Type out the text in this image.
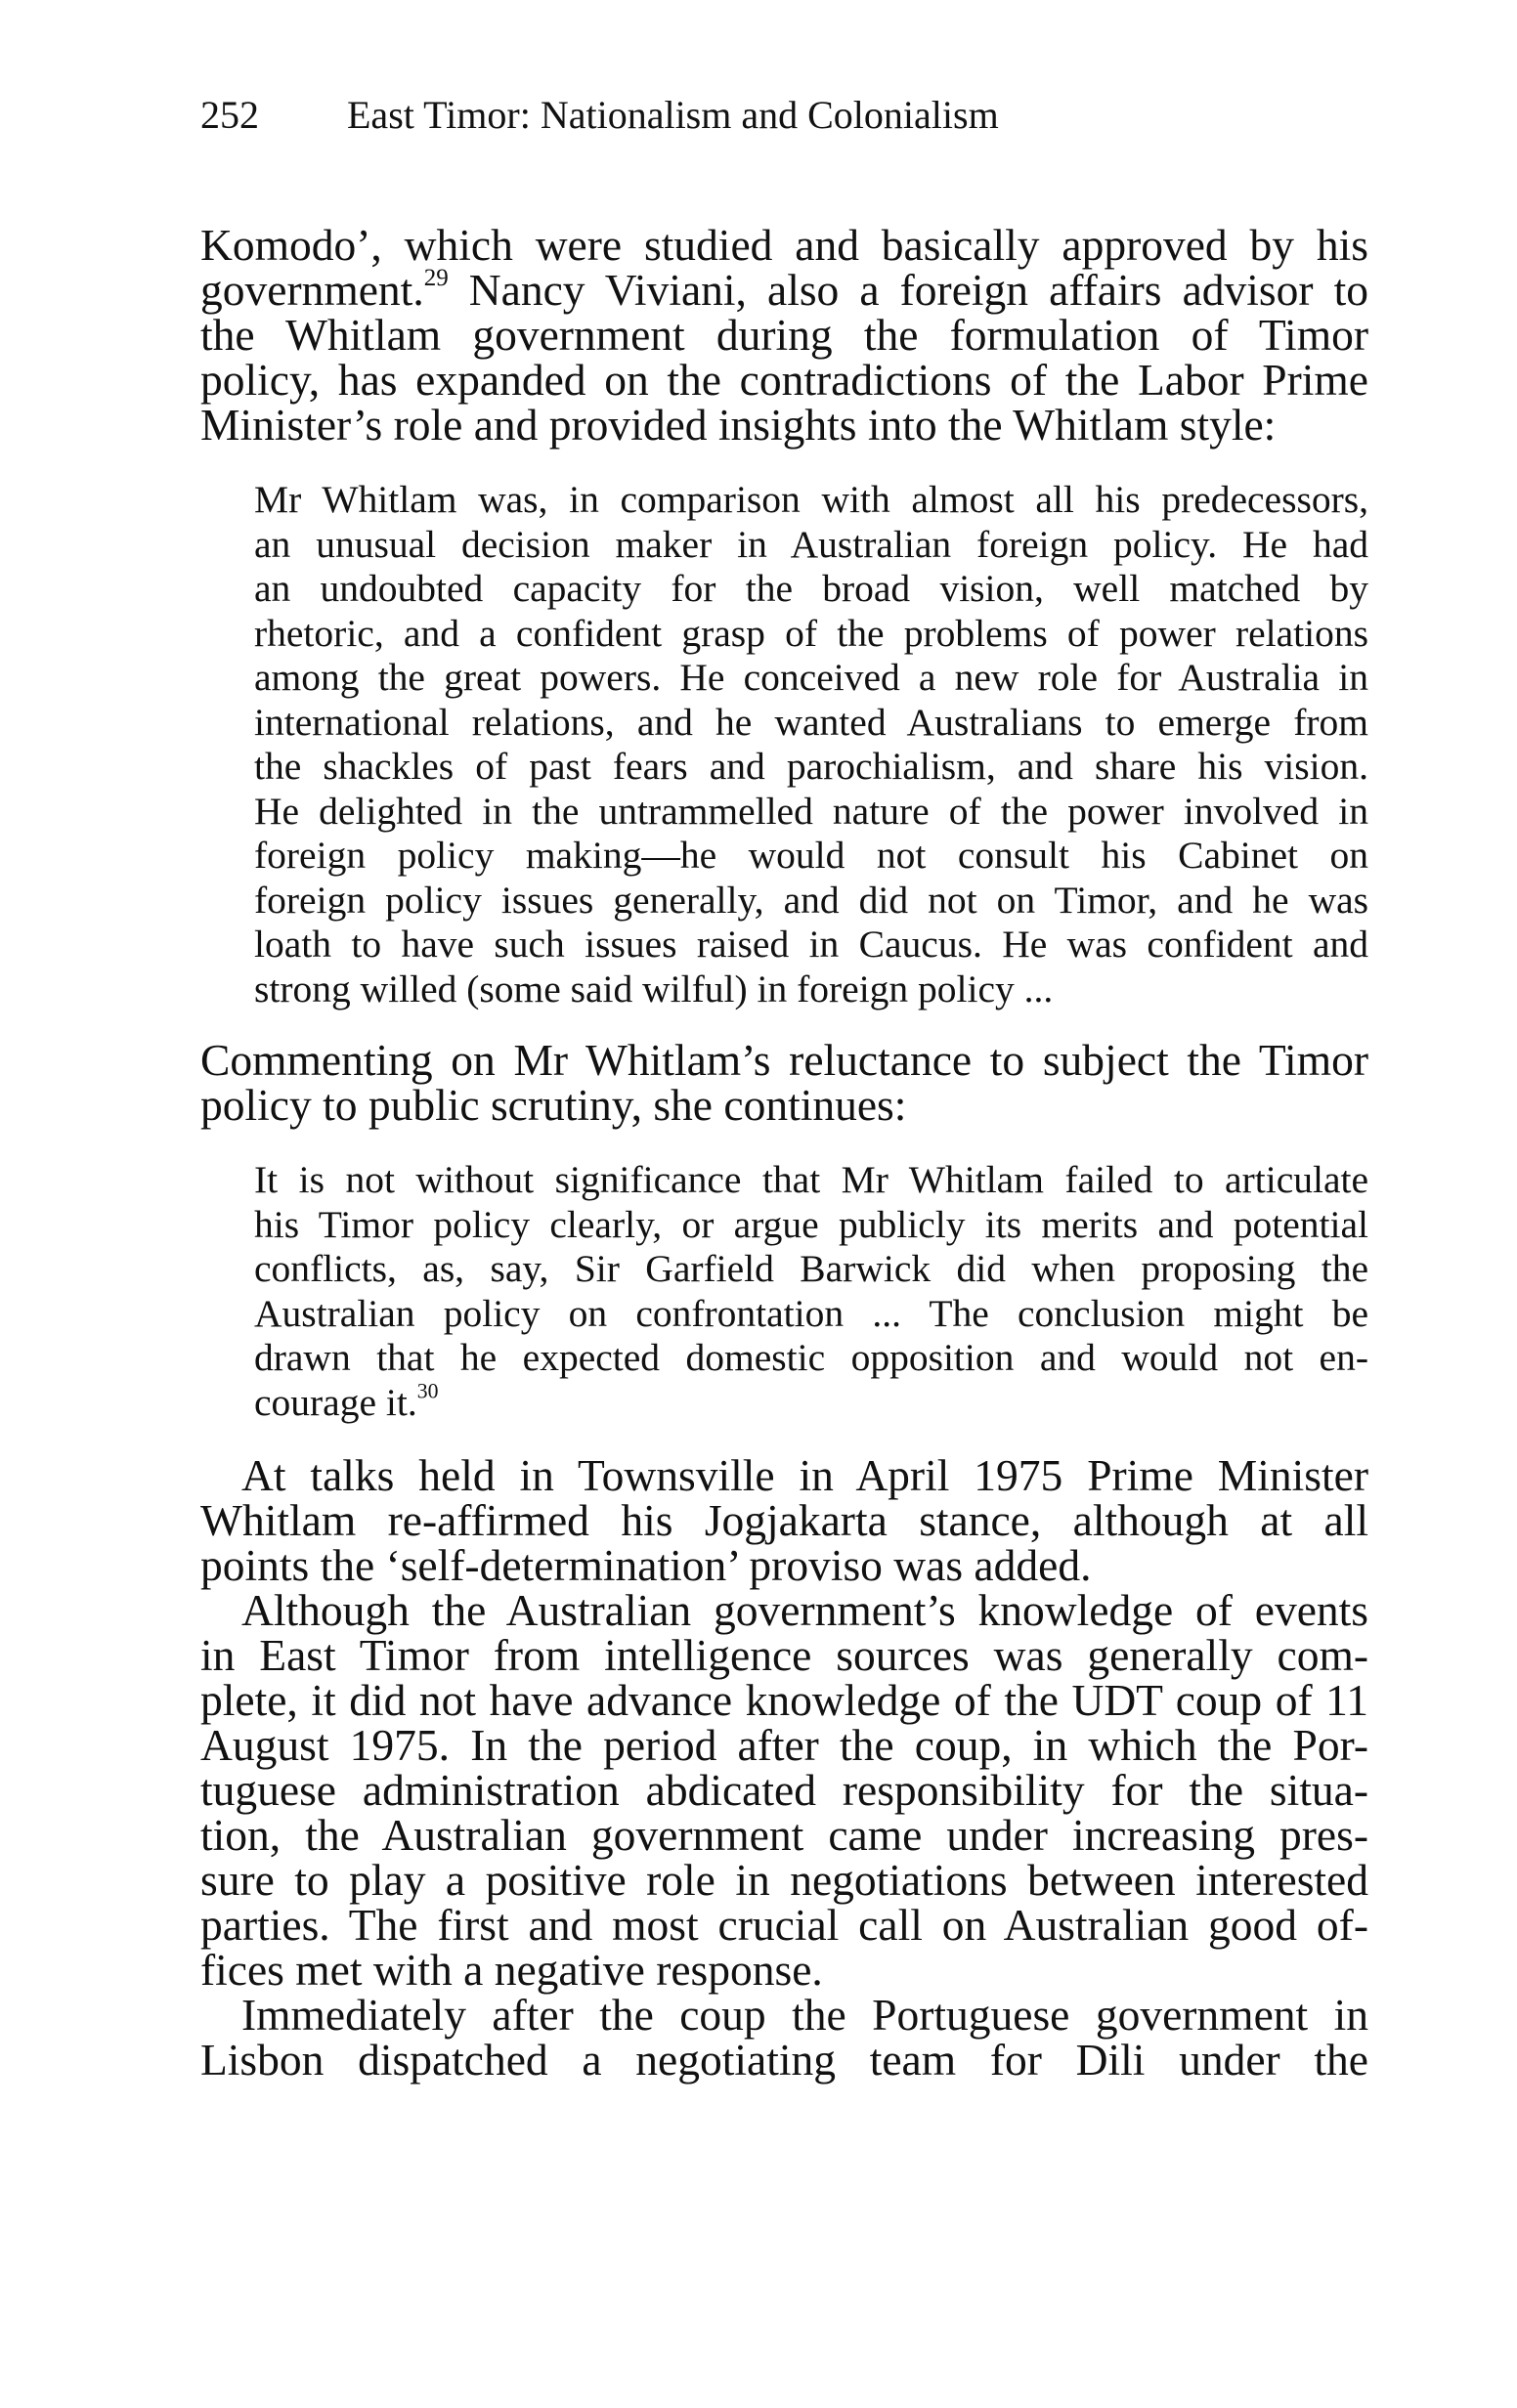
252 East Timor: Nationalism and Colonialism
Komodo’, which were studied and basically approved by his
government.$^{29}$ Nancy Viviani, also a foreign affairs advisor to
the Whitlam government during the formulation of Timor
policy, has expanded on the contradictions of the Labor Prime
Minister’s role and provided insights into the Whitlam style:
Mr Whitlam was, in comparison with almost all his predecessors,
an unusual decision maker in Australian foreign policy. He had
an undoubted capacity for the broad vision, well matched by
rhetoric, and a confident grasp of the problems of power relations
among the great powers. He conceived a new role for Australia in
international relations, and he wanted Australians to emerge from
the shackles of past fears and parochialism, and share his vision.
He delighted in the untrammelled nature of the power involved in
foreign policy making—he would not consult his Cabinet on
foreign policy issues generally, and did not on Timor, and he was
loath to have such issues raised in Caucus. He was confident and
strong willed (some said wilful) in foreign policy ...
Commenting on Mr Whitlam’s reluctance to subject the Timor
policy to public scrutiny, she continues:
It is not without significance that Mr Whitlam failed to articulate
his Timor policy clearly, or argue publicly its merits and potential
conflicts, as, say, Sir Garfield Barwick did when proposing the
Australian policy on confrontation ... The conclusion might be
drawn that he expected domestic opposition and would not en-
courage it.$^{30}$
At talks held in Townsville in April 1975 Prime Minister
Whitlam re-affirmed his Jogjakarta stance, although at all
points the ‘self-determination’ proviso was added.
Although the Australian government’s knowledge of events
in East Timor from intelligence sources was generally com-
plete, it did not have advance knowledge of the UDT coup of 11
August 1975. In the period after the coup, in which the Por-
tuguese administration abdicated responsibility for the situa-
tion, the Australian government came under increasing pres-
sure to play a positive role in negotiations between interested
parties. The first and most crucial call on Australian good of-
fices met with a negative response.
Immediately after the coup the Portuguese government in
Lisbon dispatched a negotiating team for Dili under the
